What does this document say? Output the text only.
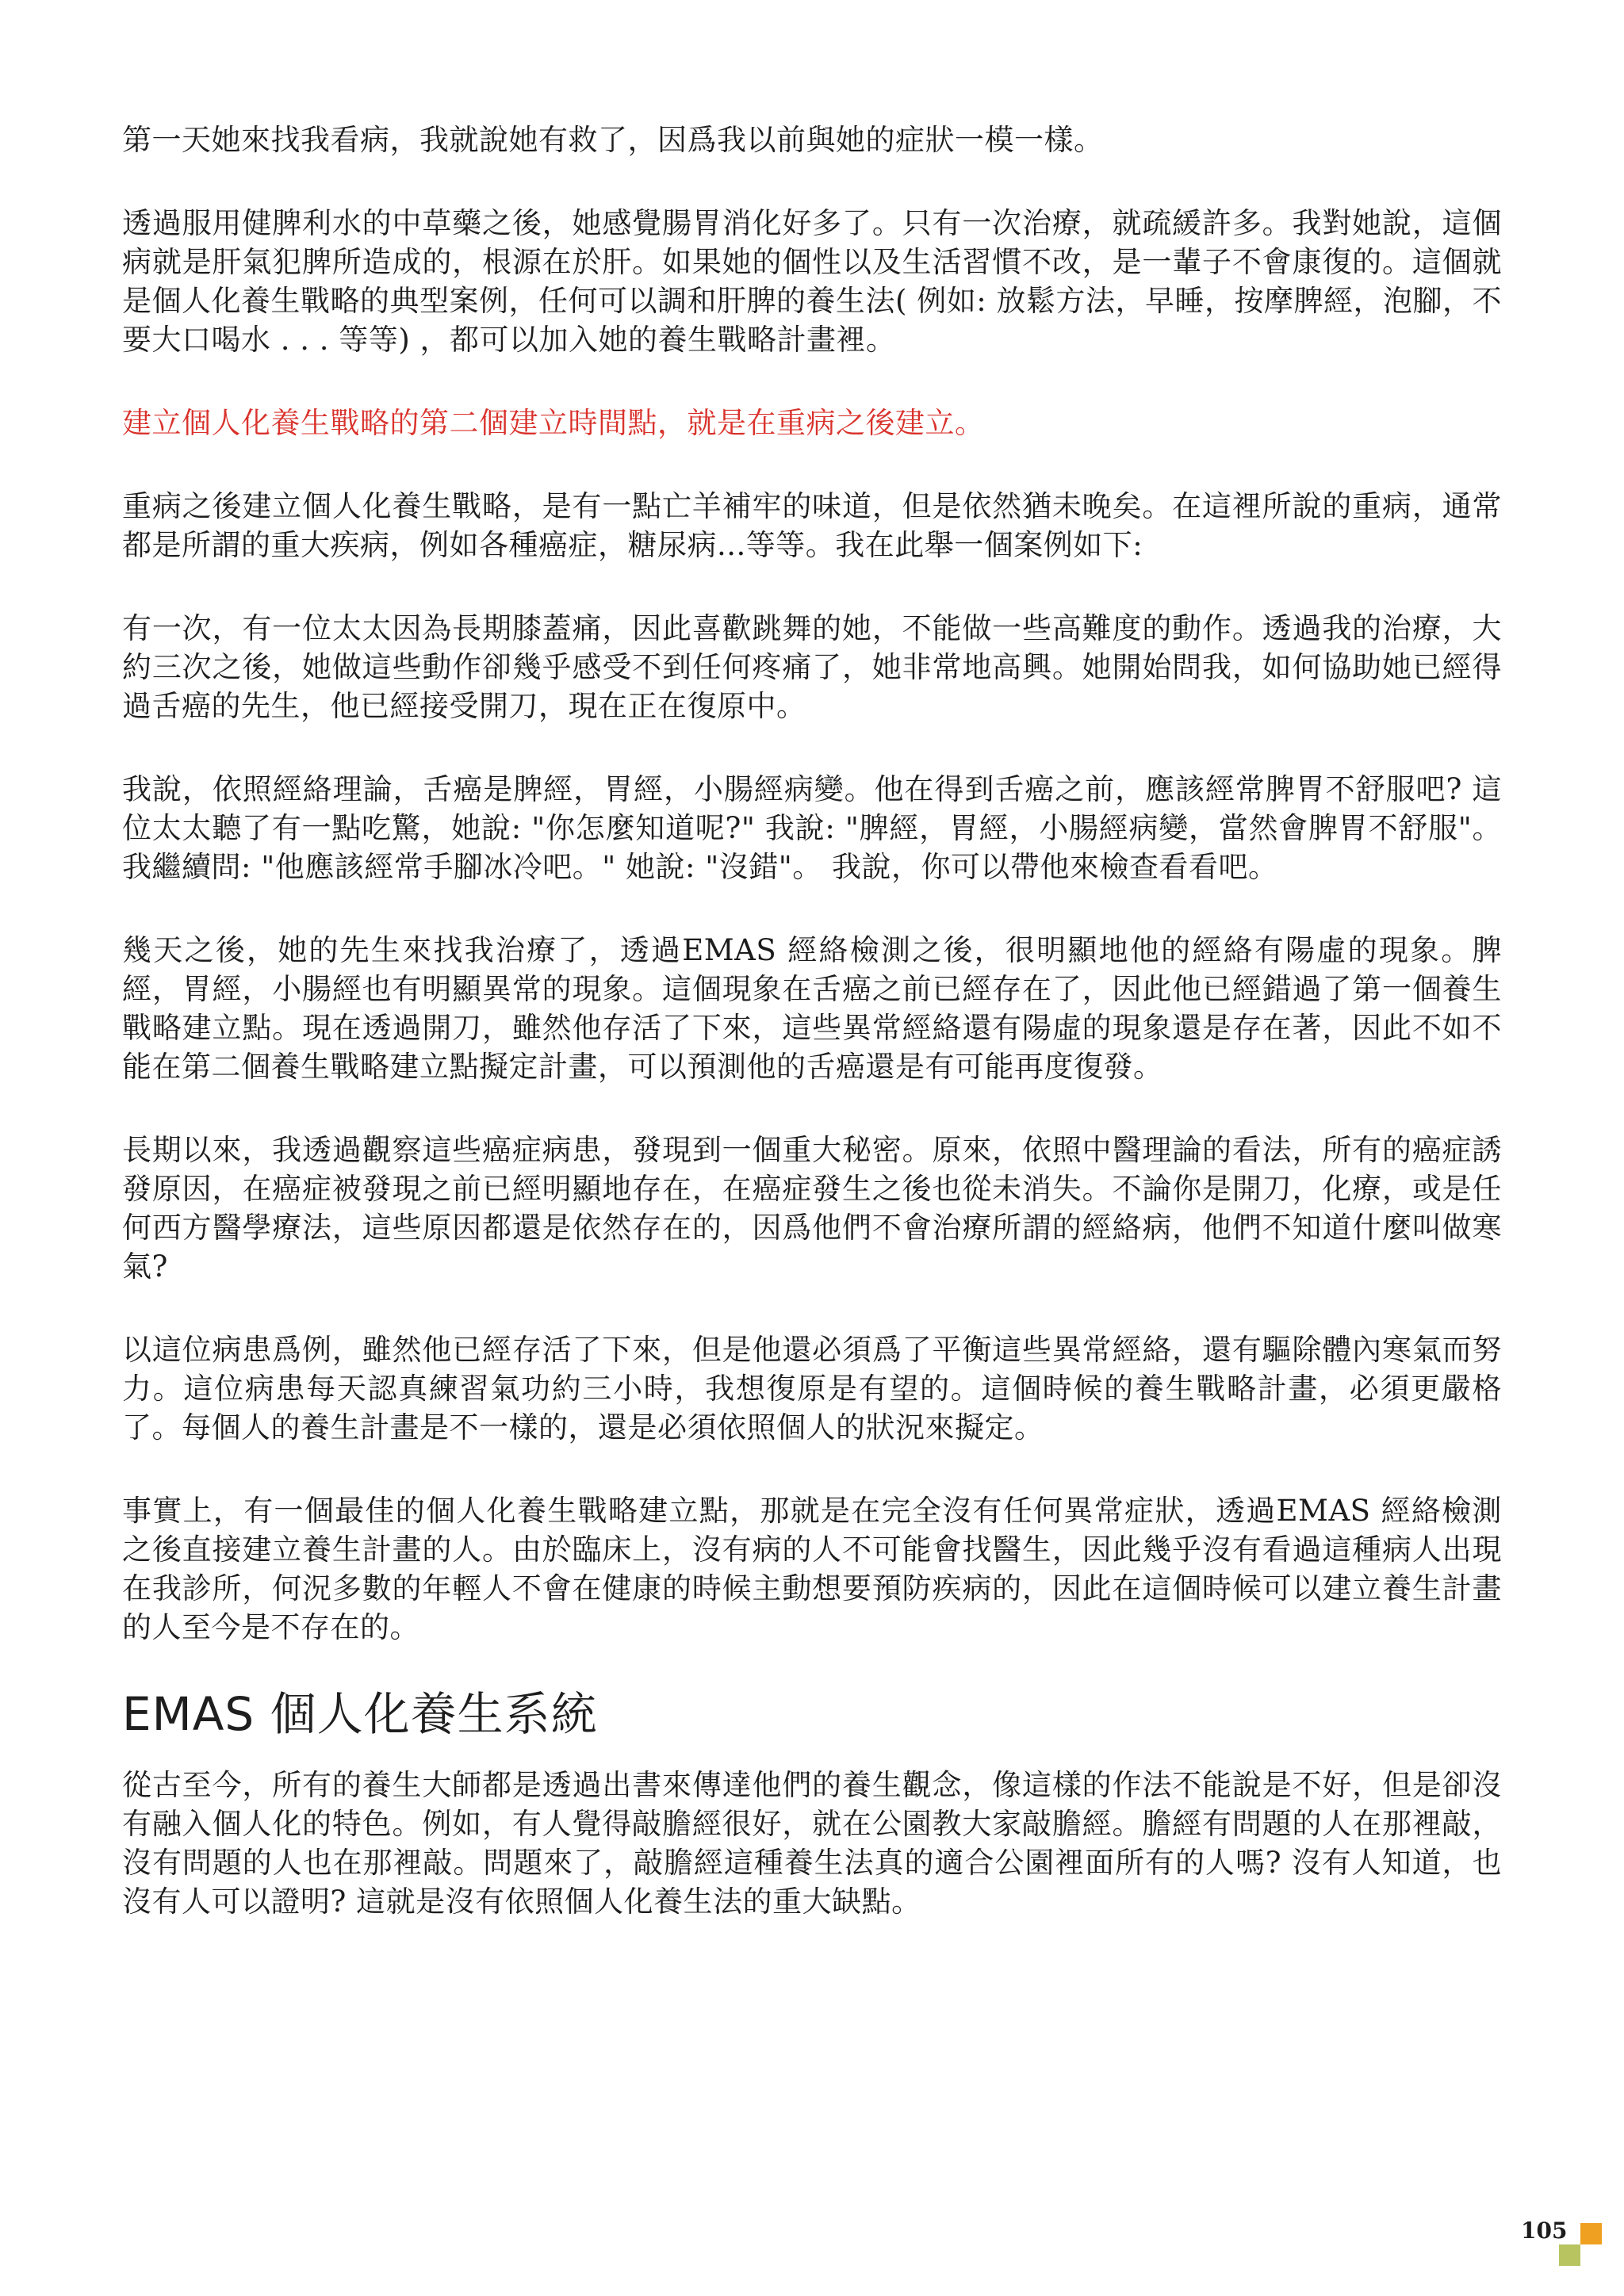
第一天她來找我看病，我就說她有救了，因爲我以前與她的症狀一模一樣。

透過服用健脾利水的中草藥之後，她感覺腸胃消化好多了。只有一次治療，就疏緩許多。我對她說，這個病就是肝氣犯脾所造成的，根源在於肝。如果她的個性以及生活習慣不改，是一輩子不會康復的。這個就是個人化養生戰略的典型案例，任何可以調和肝脾的養生法( 例如: 放鬆方法，早睡，按摩脾經，泡腳，不要大口喝水 . . . 等等) ，都可以加入她的養生戰略計畫裡。

建立個人化養生戰略的第二個建立時間點，就是在重病之後建立。

重病之後建立個人化養生戰略，是有一點亡羊補牢的味道，但是依然猶未晚矣。在這裡所說的重病，通常都是所謂的重大疾病，例如各種癌症，糖尿病...等等。我在此舉一個案例如下:

有一次，有一位太太因為長期膝蓋痛，因此喜歡跳舞的她，不能做一些高難度的動作。透過我的治療，大約三次之後，她做這些動作卻幾乎感受不到任何疼痛了，她非常地高興。她開始問我，如何協助她已經得過舌癌的先生，他已經接受開刀，現在正在復原中。

我說，依照經絡理論，舌癌是脾經，胃經，小腸經病變。他在得到舌癌之前，應該經常脾胃不舒服吧? 這位太太聽了有一點吃驚，她說: "你怎麼知道呢?" 我說: "脾經，胃經，小腸經病變，當然會脾胃不舒服"。我繼續問: "他應該經常手腳冰冷吧。" 她說: "沒錯"。 我說，你可以帶他來檢查看看吧。

幾天之後，她的先生來找我治療了，透過EMAS 經絡檢測之後，很明顯地他的經絡有陽虛的現象。脾經，胃經，小腸經也有明顯異常的現象。這個現象在舌癌之前已經存在了，因此他已經錯過了第一個養生戰略建立點。現在透過開刀，雖然他存活了下來，這些異常經絡還有陽虛的現象還是存在著，因此不如不能在第二個養生戰略建立點擬定計畫，可以預測他的舌癌還是有可能再度復發。

長期以來，我透過觀察這些癌症病患，發現到一個重大秘密。原來，依照中醫理論的看法，所有的癌症誘發原因，在癌症被發現之前已經明顯地存在，在癌症發生之後也從未消失。不論你是開刀，化療，或是任何西方醫學療法，這些原因都還是依然存在的，因爲他們不會治療所謂的經絡病，他們不知道什麼叫做寒氣?

以這位病患爲例，雖然他已經存活了下來，但是他還必須爲了平衡這些異常經絡，還有驅除體內寒氣而努力。這位病患每天認真練習氣功約三小時，我想復原是有望的。這個時候的養生戰略計畫，必須更嚴格了。每個人的養生計畫是不一樣的，還是必須依照個人的狀況來擬定。

事實上，有一個最佳的個人化養生戰略建立點，那就是在完全沒有任何異常症狀，透過EMAS 經絡檢測之後直接建立養生計畫的人。由於臨床上，沒有病的人不可能會找醫生，因此幾乎沒有看過這種病人出現在我診所，何況多數的年輕人不會在健康的時候主動想要預防疾病的，因此在這個時候可以建立養生計畫的人至今是不存在的。

EMAS 個人化養生系統

從古至今，所有的養生大師都是透過出書來傳達他們的養生觀念，像這樣的作法不能說是不好，但是卻沒有融入個人化的特色。例如，有人覺得敲膽經很好，就在公園教大家敲膽經。膽經有問題的人在那裡敲，沒有問題的人也在那裡敲。問題來了，敲膽經這種養生法真的適合公園裡面所有的人嗎? 沒有人知道，也沒有人可以證明? 這就是沒有依照個人化養生法的重大缺點。

105
